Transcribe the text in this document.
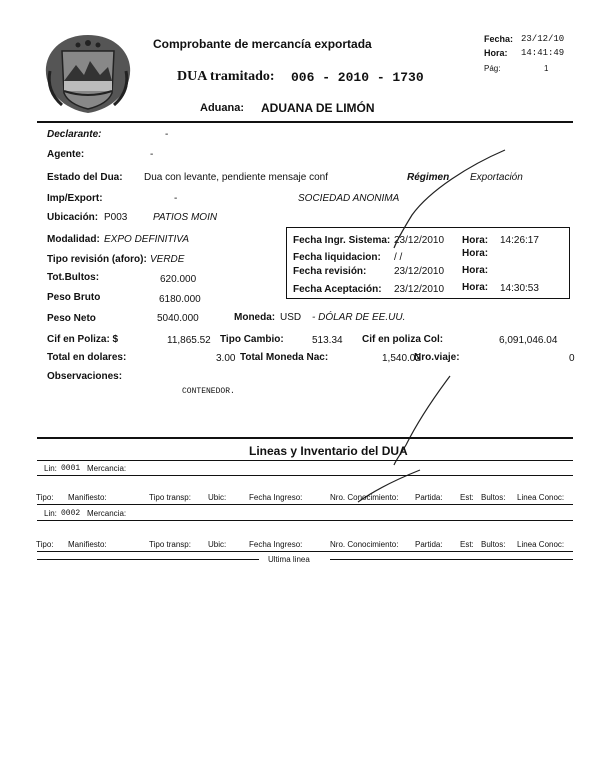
Comprobante de mercancía exportada
DUA tramitado: 006 - 2010 - 1730
Aduana: ADUANA DE LIMÓN
Fecha: 23/12/10
Hora: 14:41:49
Pág:	1
Declarante:	-
Agente:	-
Estado del Dua: Dua con levante, pendiente mensaje conf	Régimen Exportación
Imp/Export:	-	SOCIEDAD ANONIMA
Ubicación: P003	PATIOS MOIN
Modalidad: EXPO DEFINITIVA
Tipo revisión (aforo): VERDE
Tot.Bultos:	620.000
Peso Bruto	6180.000
Peso Neto	5040.000	Moneda: USD - DÓLAR DE EE.UU.
Cif en Poliza: $	11,865.52 Tipo Cambio:	513.34 Cif en poliza Col:	6,091,046.04
Total en dolares:	3.00 Total Moneda Nac:	1,540.02
Nro.viaje:	0
Observaciones:
CONTENEDOR.
Fecha Ingr. Sistema: 23/12/2010 Hora: 14:26:17
Fecha liquidacion: / /	Hora:
Fecha revisión:	23/12/2010 Hora:
Fecha Aceptación: 23/12/2010 Hora: 14:30:53
Lineas y Inventario del DUA
Lin: 0001 Mercancia:
Tipo: Manifiesto:	Tipo transp: Ubic:	Fecha Ingreso:	Nro. Conocimiento: Partida: Est: Bultos: Linea Conoc:
Lin: 0002 Mercancia:
Tipo: Manifiesto:	Tipo transp: Ubic:	Fecha Ingreso:	Nro. Conocimiento: Partida: Est: Bultos: Linea Conoc:
Ultima linea
